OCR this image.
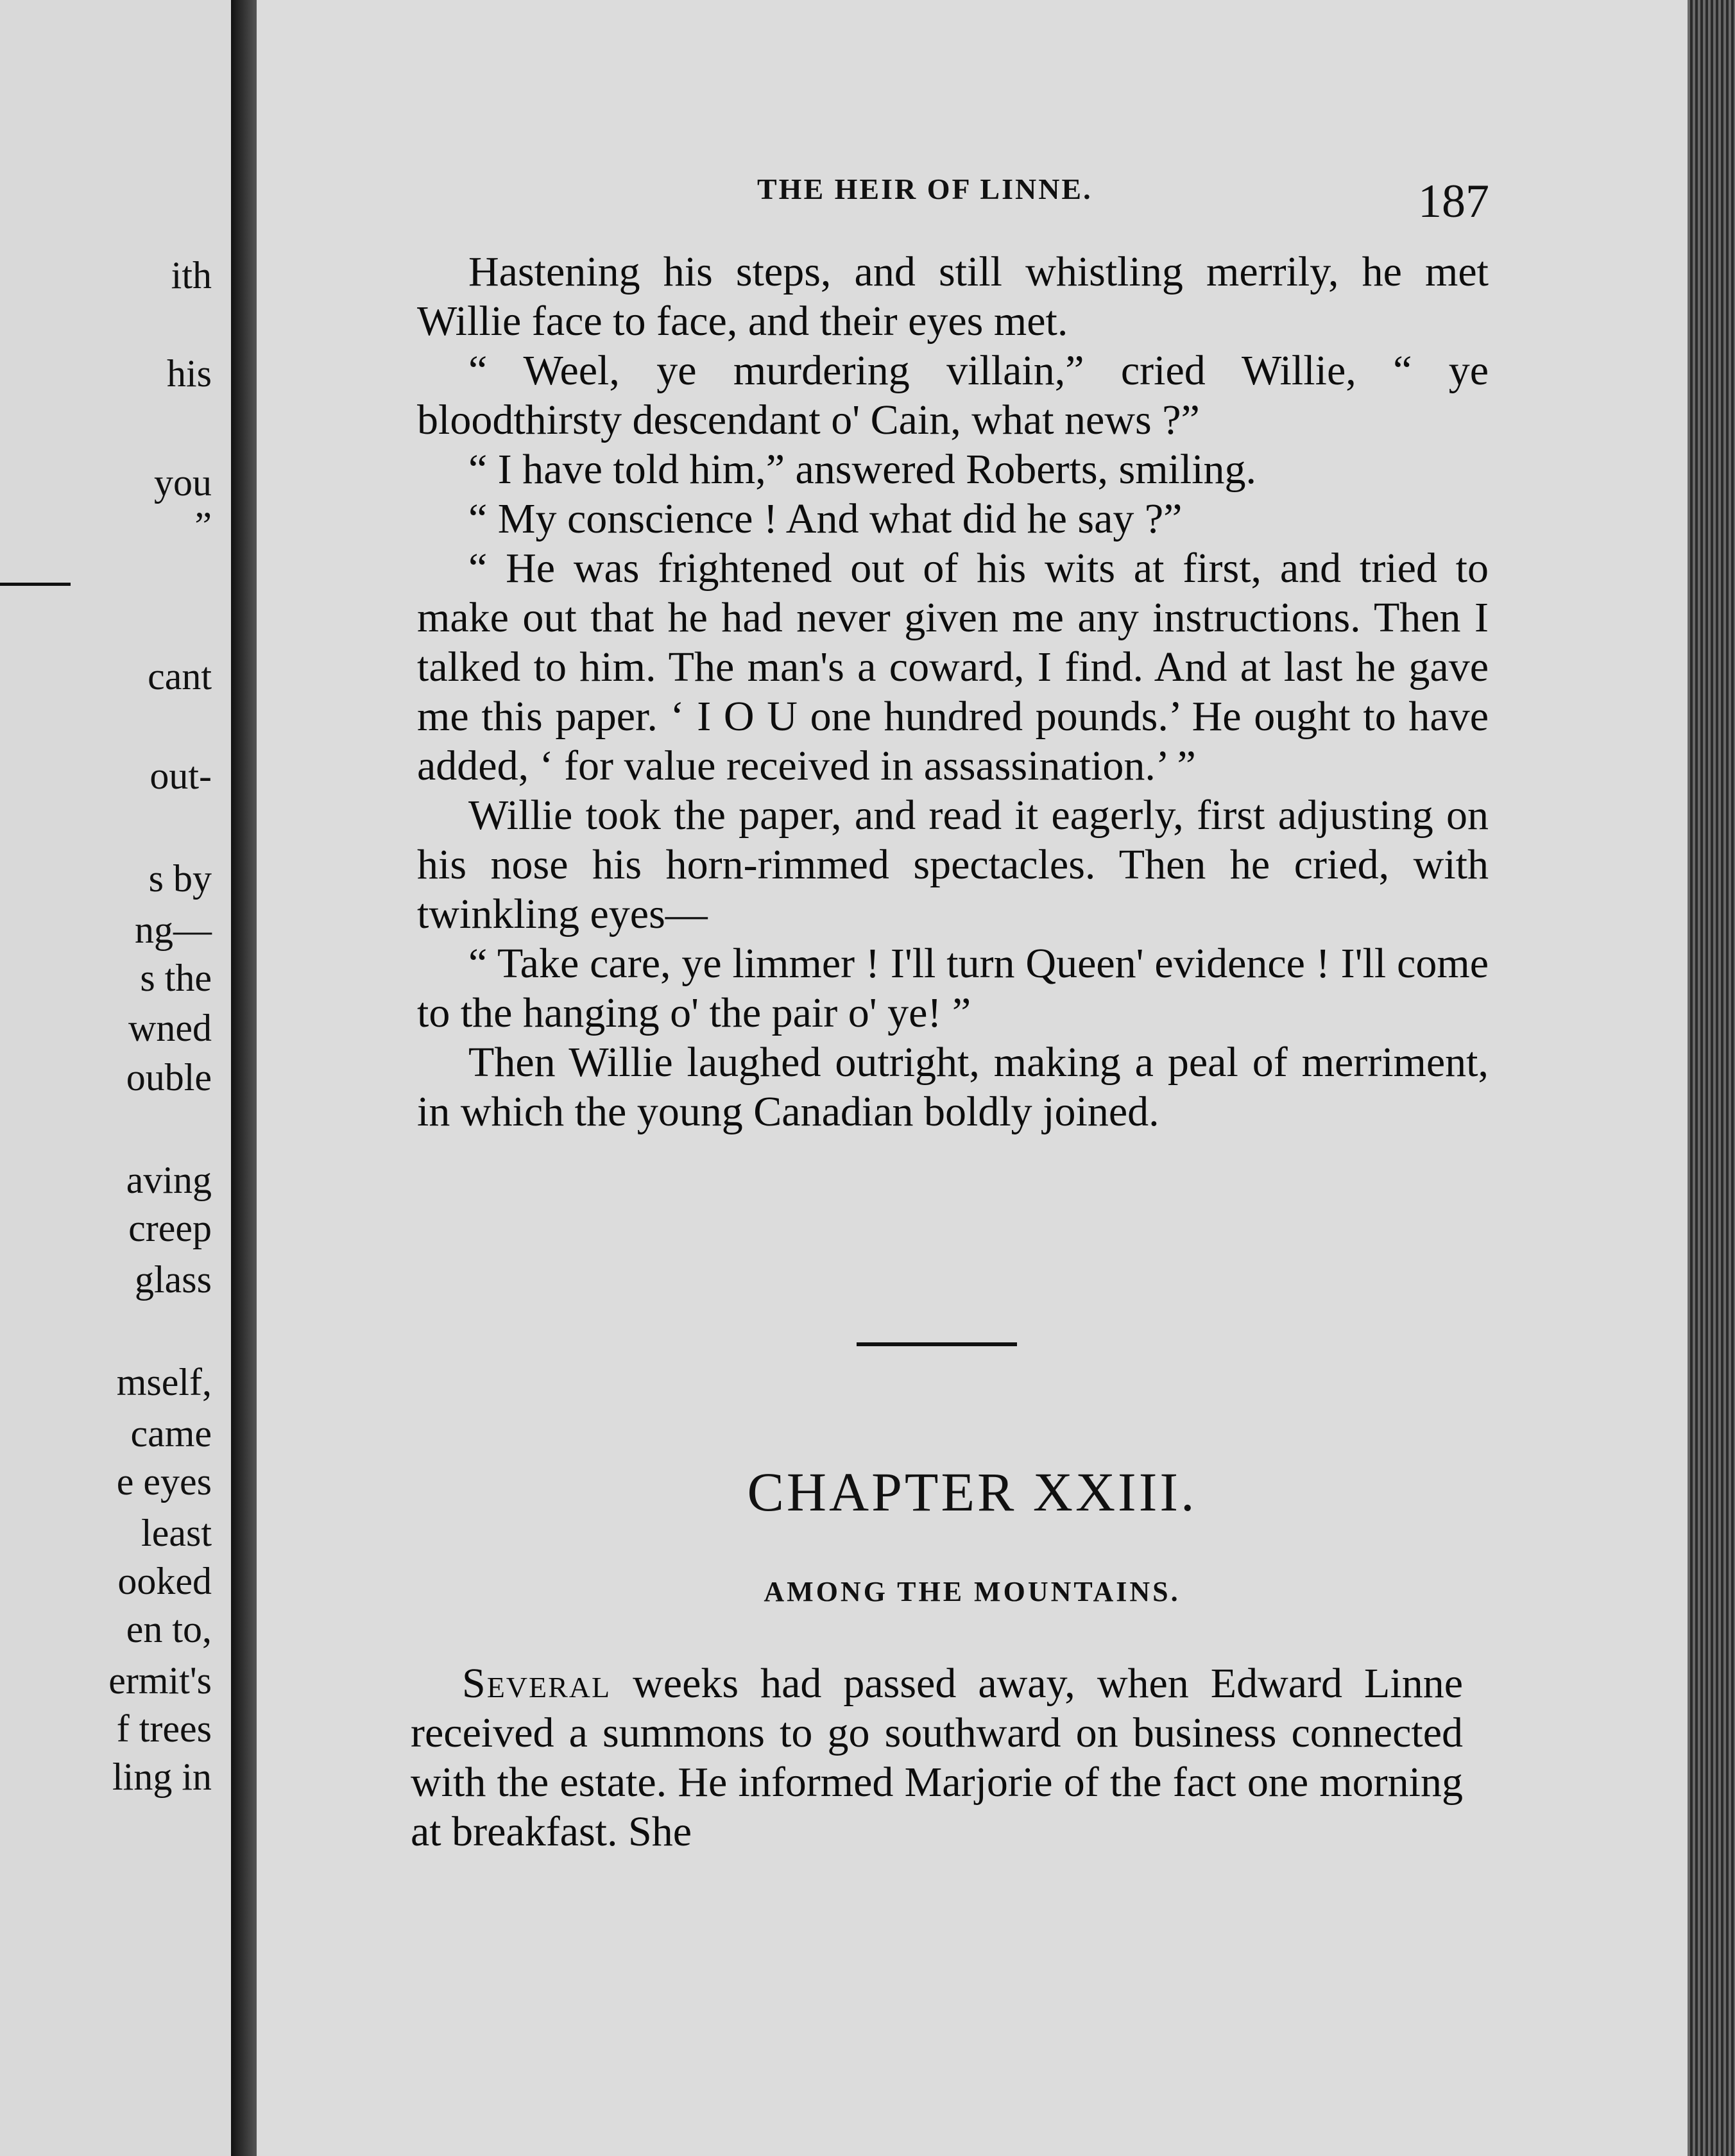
ith
his
you
”
cant
out-
s by
ng—
s the
wned
ouble
aving
creep
glass
mself,
came
e eyes
least
ooked
en to,
ermit's
f trees
ling in
THE HEIR OF LINNE.	187

Hastening his steps, and still whistling merrily, he met Willie face to face, and their eyes met.

“ Weel, ye murdering villain,” cried Willie, “ ye bloodthirsty descendant o' Cain, what news ?”

“ I have told him,” answered Roberts, smiling.

“ My conscience ! And what did he say ?”

“ He was frightened out of his wits at first, and tried to make out that he had never given me any instructions. Then I talked to him. The man's a coward, I find. And at last he gave me this paper. ‘ I O U one hundred pounds.’ He ought to have added, ‘ for value received in assassination.’ ”

Willie took the paper, and read it eagerly, first adjusting on his nose his horn-rimmed spectacles. Then he cried, with twinkling eyes—

“ Take care, ye limmer ! I'll turn Queen' evidence ! I'll come to the hanging o' the pair o' ye! ”

Then Willie laughed outright, making a peal of merriment, in which the young Canadian boldly joined.

CHAPTER XXIII.
AMONG THE MOUNTAINS.

Several weeks had passed away, when Edward Linne received a summons to go southward on business connected with the estate. He informed Marjorie of the fact one morning at breakfast. She
